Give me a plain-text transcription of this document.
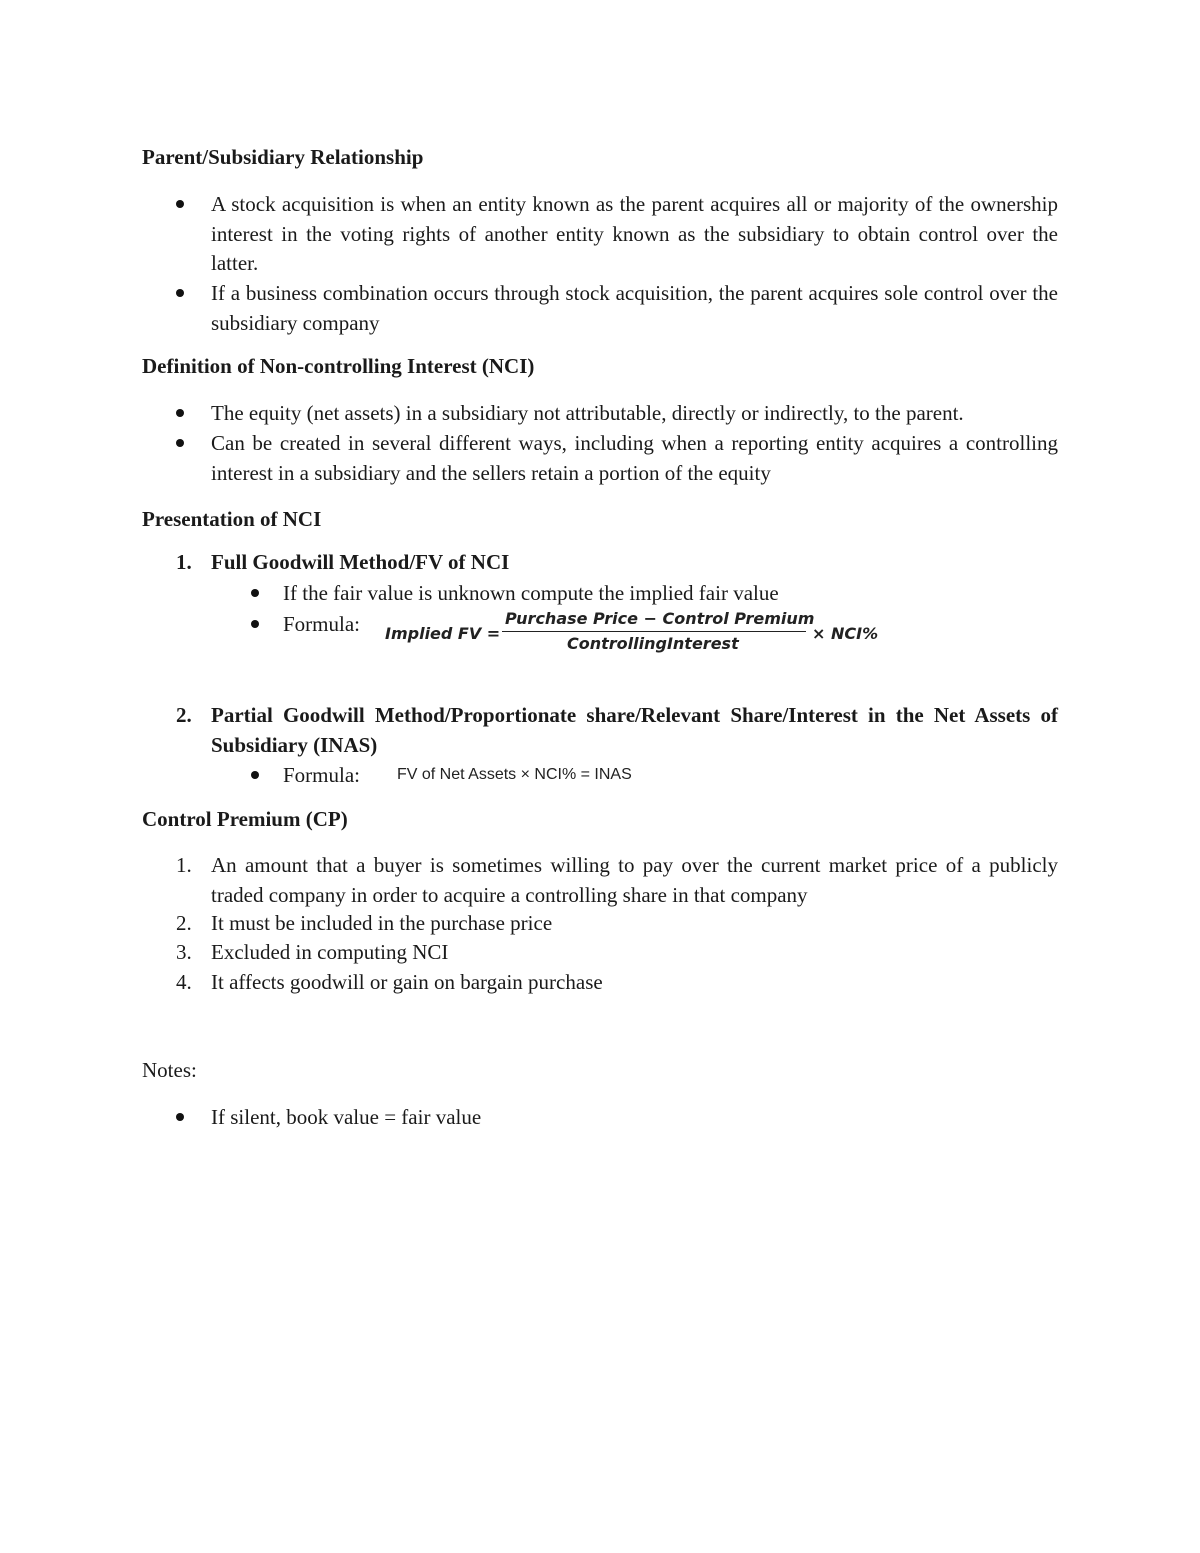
Parent/Subsidiary Relationship

A stock acquisition is when an entity known as the parent acquires all or majority of the ownership interest in the voting rights of another entity known as the subsidiary to obtain control over the latter.

If a business combination occurs through stock acquisition, the parent acquires sole control over the subsidiary company

Definition of Non-controlling Interest (NCI)

The equity (net assets) in a subsidiary not attributable, directly or indirectly, to the parent.

Can be created in several different ways, including when a reporting entity acquires a controlling interest in a subsidiary and the sellers retain a portion of the equity

Presentation of NCI
1. Full Goodwill Method/FV of NCI

If the fair value is unknown compute the implied fair value

Formula:	Implied FV =
Purchase Price − Control Premium
ControllingInterest
× NCI%
2. Partial Goodwill Method/Proportionate share/Relevant Share/Interest in the Net Assets of Subsidiary (INAS)

Formula:	FV of Net Assets × NCI% = INAS
Control Premium (CP)
1. An amount that a buyer is sometimes willing to pay over the current market price of a publicly traded company in order to acquire a controlling share in that company

2. It must be included in the purchase price

3. Excluded in computing NCI

4. It affects goodwill or gain on bargain purchase

Notes:

If silent, book value = fair value
